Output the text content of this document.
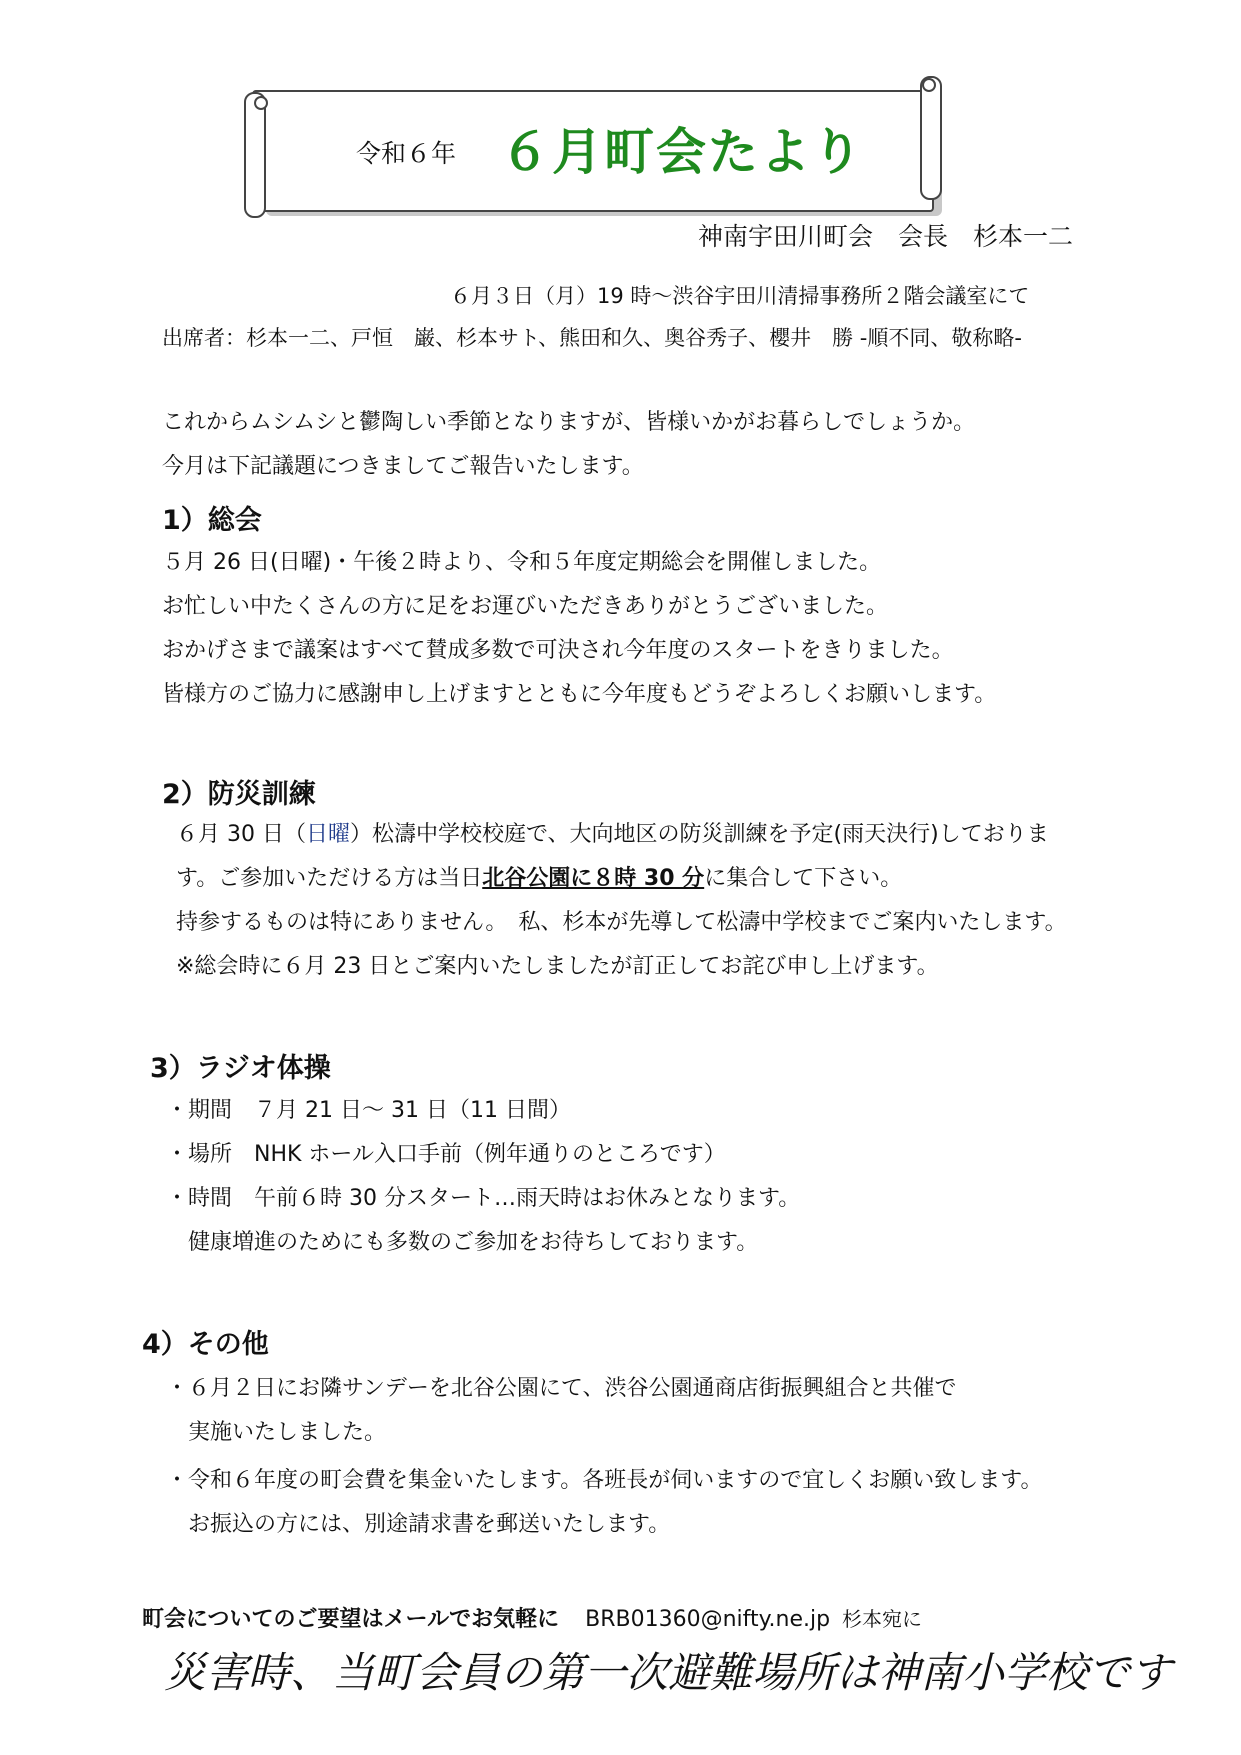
令和６年 ６月町会たより
神南宇田川町会　会長　杉本一二
６月３日（月）19 時～渋谷宇田川清掃事務所２階会議室にて
出席者：杉本一二、戸恒　巌、杉本サト、熊田和久、奥谷秀子、櫻井　勝 -順不同、敬称略-
これからムシムシと鬱陶しい季節となりますが、皆様いかがお暮らしでしょうか。
今月は下記議題につきましてご報告いたします。
1）総会
５月 26 日(日曜)・午後２時より、令和５年度定期総会を開催しました。
お忙しい中たくさんの方に足をお運びいただきありがとうございました。
おかげさまで議案はすべて賛成多数で可決され今年度のスタートをきりました。
皆様方のご協力に感謝申し上げますとともに今年度もどうぞよろしくお願いします。
2）防災訓練
６月 30 日（日曜）松濤中学校校庭で、大向地区の防災訓練を予定(雨天決行)しておりま
す。ご参加いただける方は当日北谷公園に８時 30 分に集合して下さい。
持参するものは特にありません。　私、杉本が先導して松濤中学校までご案内いたします。
※総会時に６月 23 日とご案内いたしましたが訂正してお詫び申し上げます。
3）ラジオ体操
・期間　７月 21 日～ 31 日（11 日間）
・場所　NHK ホール入口手前（例年通りのところです）
・時間　午前６時 30 分スタート…雨天時はお休みとなります。
　健康増進のためにも多数のご参加をお待ちしております。
4）その他
・６月２日にお隣サンデーを北谷公園にて、渋谷公園通商店街振興組合と共催で
　実施いたしました。
・令和６年度の町会費を集金いたします。各班長が伺いますので宜しくお願い致します。
　お振込の方には、別途請求書を郵送いたします。
町会についてのご要望はメールでお気軽に BRB01360@nifty.ne.jp 杉本宛に
災害時、当町会員の第一次避難場所は神南小学校です
